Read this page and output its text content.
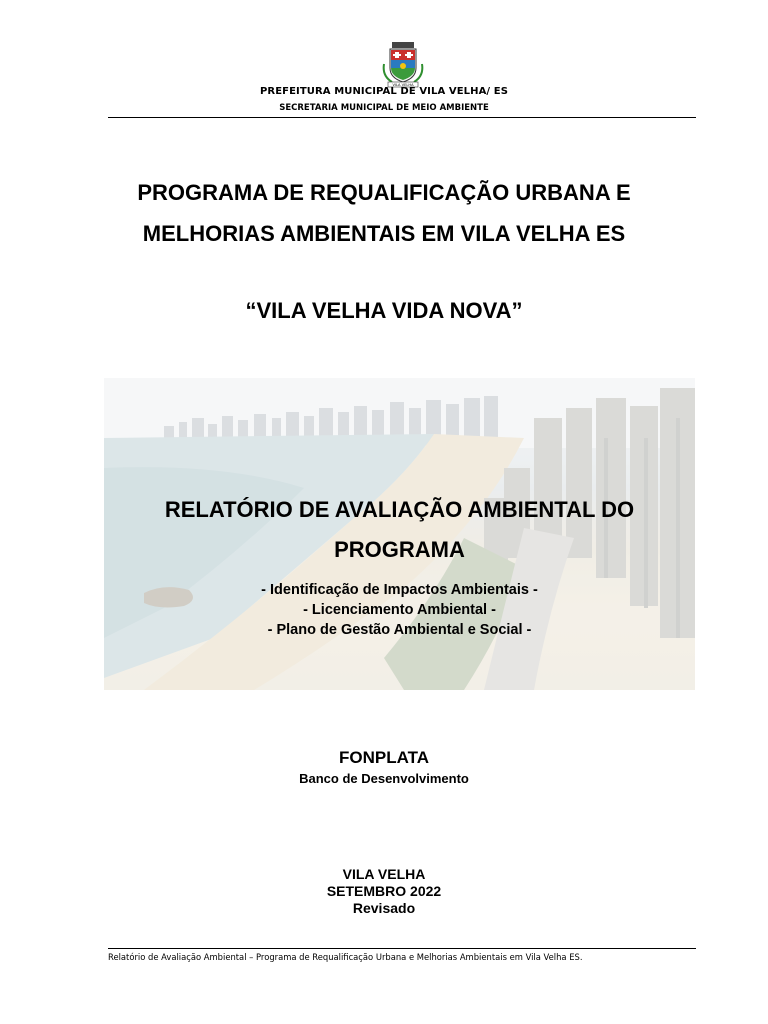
VILA VELHA
PREFEITURA MUNICIPAL DE VILA VELHA/ ES
SECRETARIA MUNICIPAL DE MEIO AMBIENTE
PROGRAMA DE REQUALIFICAÇÃO URBANA E
MELHORIAS AMBIENTAIS EM VILA VELHA ES
“VILA VELHA VIDA NOVA”
RELATÓRIO DE AVALIAÇÃO AMBIENTAL DO
PROGRAMA
- Identificação de Impactos Ambientais -
- Licenciamento Ambiental -
- Plano de Gestão Ambiental e Social -
FONPLATA
Banco de Desenvolvimento
VILA VELHA
SETEMBRO 2022
Revisado
Relatório de Avaliação Ambiental – Programa de Requalificação Urbana e Melhorias Ambientais em Vila Velha ES.
